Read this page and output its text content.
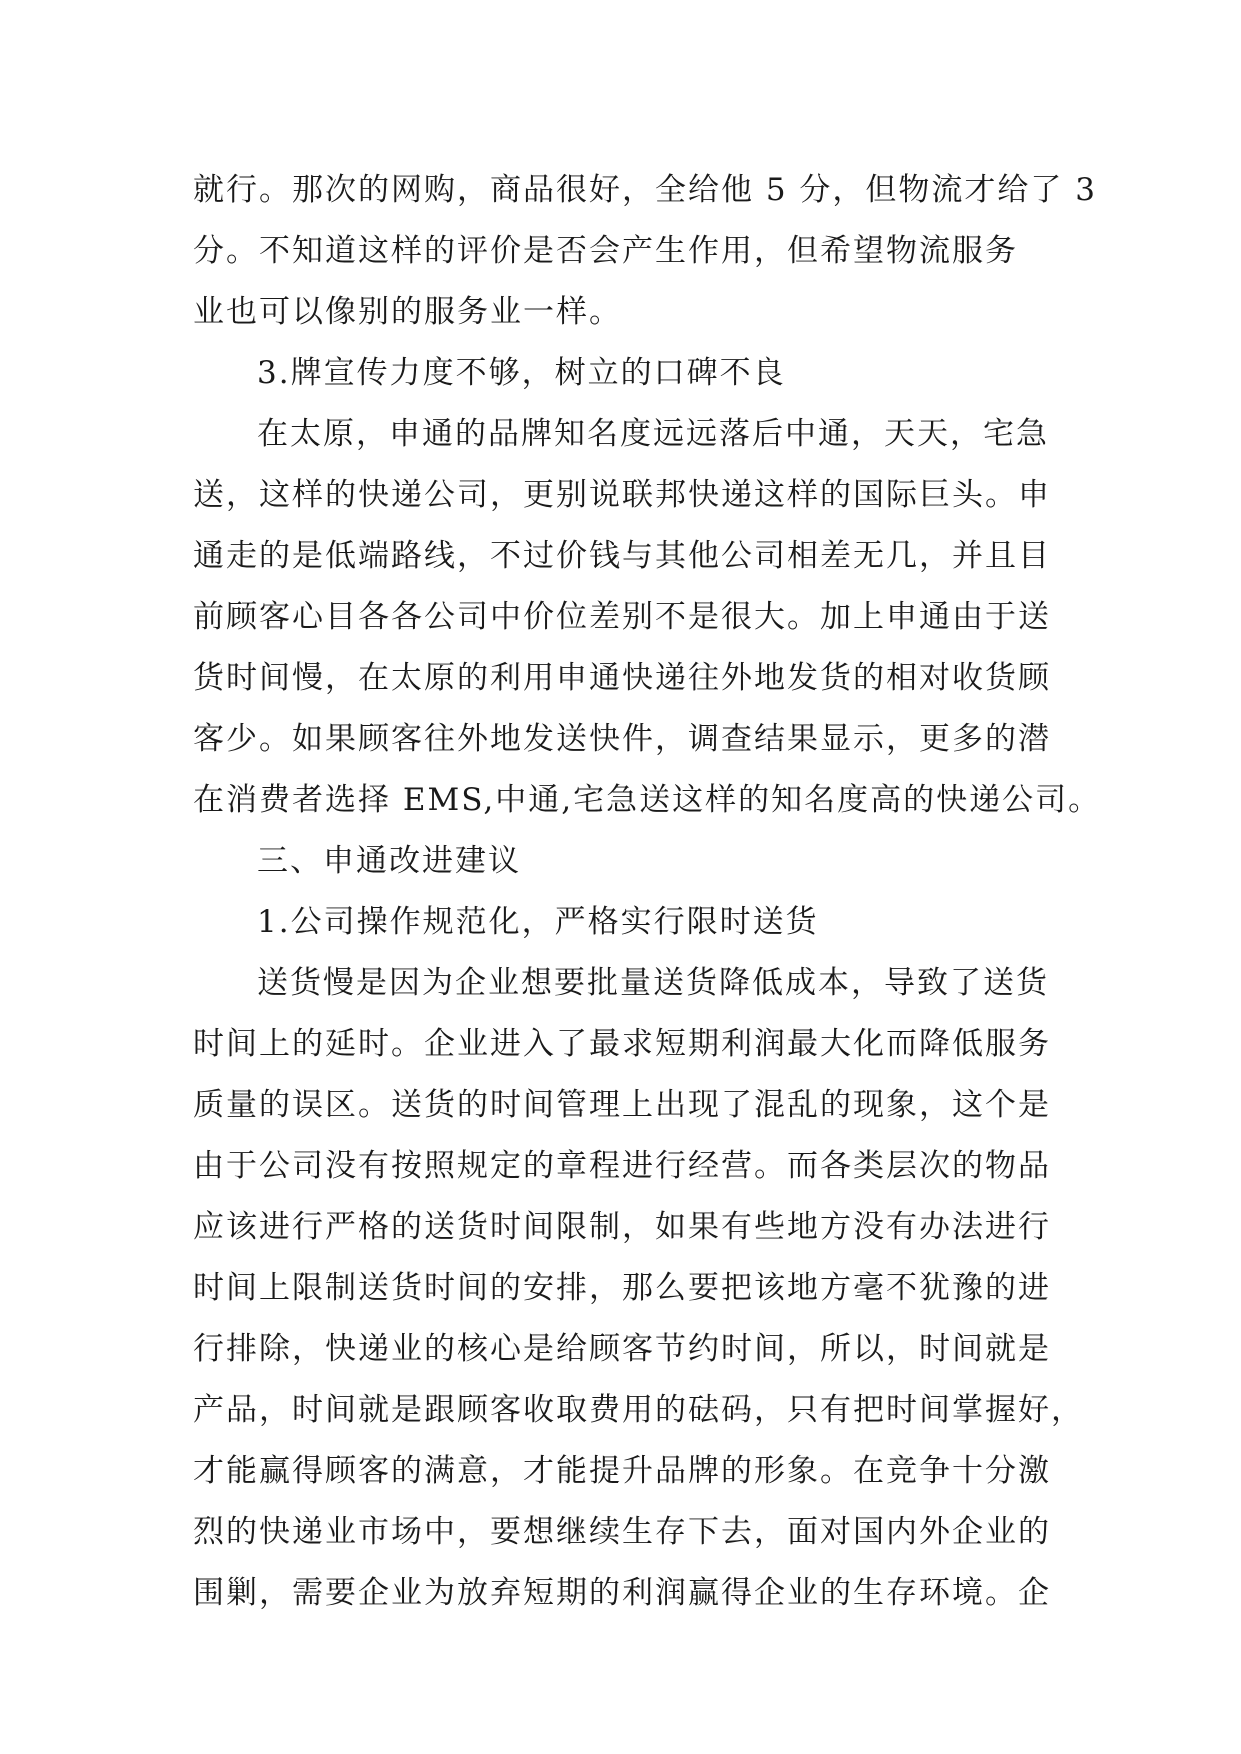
就行。那次的网购，商品很好，全给他 5 分，但物流才给了 3
分。不知道这样的评价是否会产生作用，但希望物流服务
业也可以像别的服务业一样。
3.牌宣传力度不够，树立的口碑不良
在太原，申通的品牌知名度远远落后中通，天天，宅急
送，这样的快递公司，更别说联邦快递这样的国际巨头。申
通走的是低端路线，不过价钱与其他公司相差无几，并且目
前顾客心目各各公司中价位差别不是很大。加上申通由于送
货时间慢，在太原的利用申通快递往外地发货的相对收货顾
客少。如果顾客往外地发送快件，调查结果显示，更多的潜
在消费者选择 EMS,中通,宅急送这样的知名度高的快递公司。
三、申通改进建议
1.公司操作规范化，严格实行限时送货
送货慢是因为企业想要批量送货降低成本，导致了送货
时间上的延时。企业进入了最求短期利润最大化而降低服务
质量的误区。送货的时间管理上出现了混乱的现象，这个是
由于公司没有按照规定的章程进行经营。而各类层次的物品
应该进行严格的送货时间限制，如果有些地方没有办法进行
时间上限制送货时间的安排，那么要把该地方毫不犹豫的进
行排除，快递业的核心是给顾客节约时间，所以，时间就是
产品，时间就是跟顾客收取费用的砝码，只有把时间掌握好，
才能赢得顾客的满意，才能提升品牌的形象。在竞争十分激
烈的快递业市场中，要想继续生存下去，面对国内外企业的
围剿，需要企业为放弃短期的利润赢得企业的生存环境。企
